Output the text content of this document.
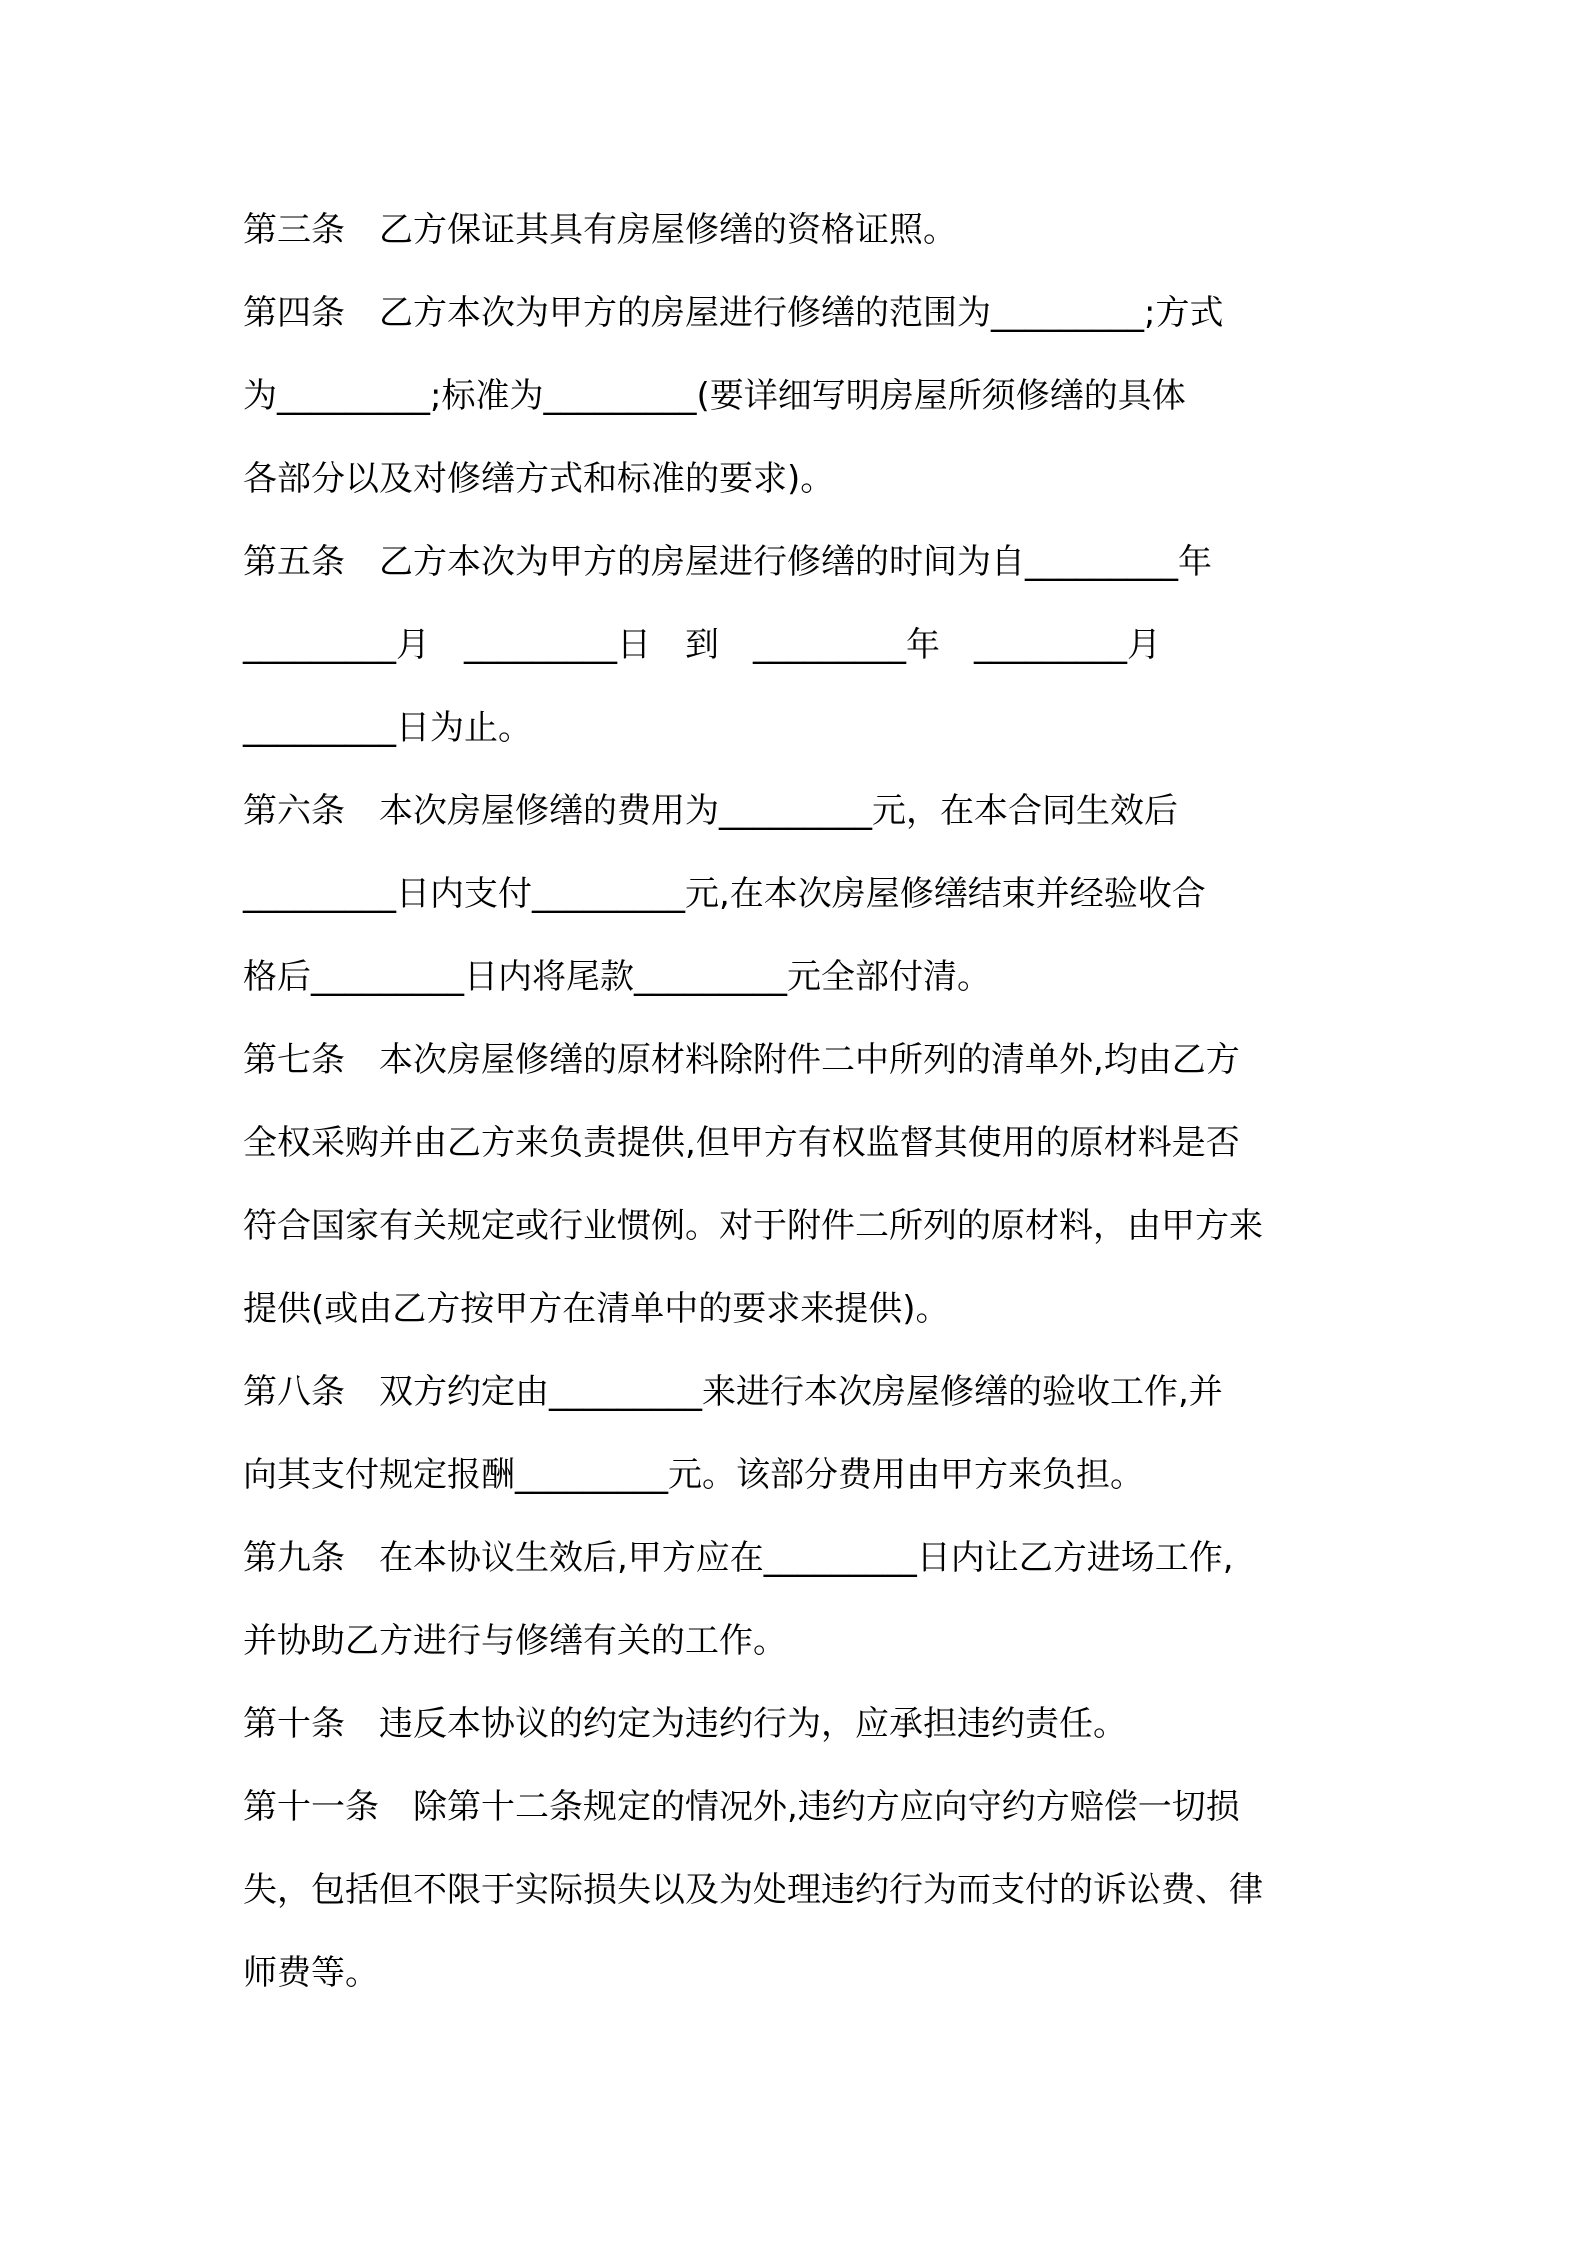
第三条　乙方保证其具有房屋修缮的资格证照。
第四条　乙方本次为甲方的房屋进行修缮的范围为_________;方式
为_________;标准为_________(要详细写明房屋所须修缮的具体
各部分以及对修缮方式和标准的要求)。
第五条　乙方本次为甲方的房屋进行修缮的时间为自_________年
_________月　_________日　到　_________年　_________月
_________日为止。
第六条　本次房屋修缮的费用为_________元，在本合同生效后
_________日内支付_________元,在本次房屋修缮结束并经验收合
格后_________日内将尾款_________元全部付清。
第七条　本次房屋修缮的原材料除附件二中所列的清单外,均由乙方
全权采购并由乙方来负责提供,但甲方有权监督其使用的原材料是否
符合国家有关规定或行业惯例。对于附件二所列的原材料，由甲方来
提供(或由乙方按甲方在清单中的要求来提供)。
第八条　双方约定由_________来进行本次房屋修缮的验收工作,并
向其支付规定报酬_________元。该部分费用由甲方来负担。
第九条　在本协议生效后,甲方应在_________日内让乙方进场工作,
并协助乙方进行与修缮有关的工作。
第十条　违反本协议的约定为违约行为，应承担违约责任。
第十一条　除第十二条规定的情况外,违约方应向守约方赔偿一切损
失，包括但不限于实际损失以及为处理违约行为而支付的诉讼费、律
师费等。
